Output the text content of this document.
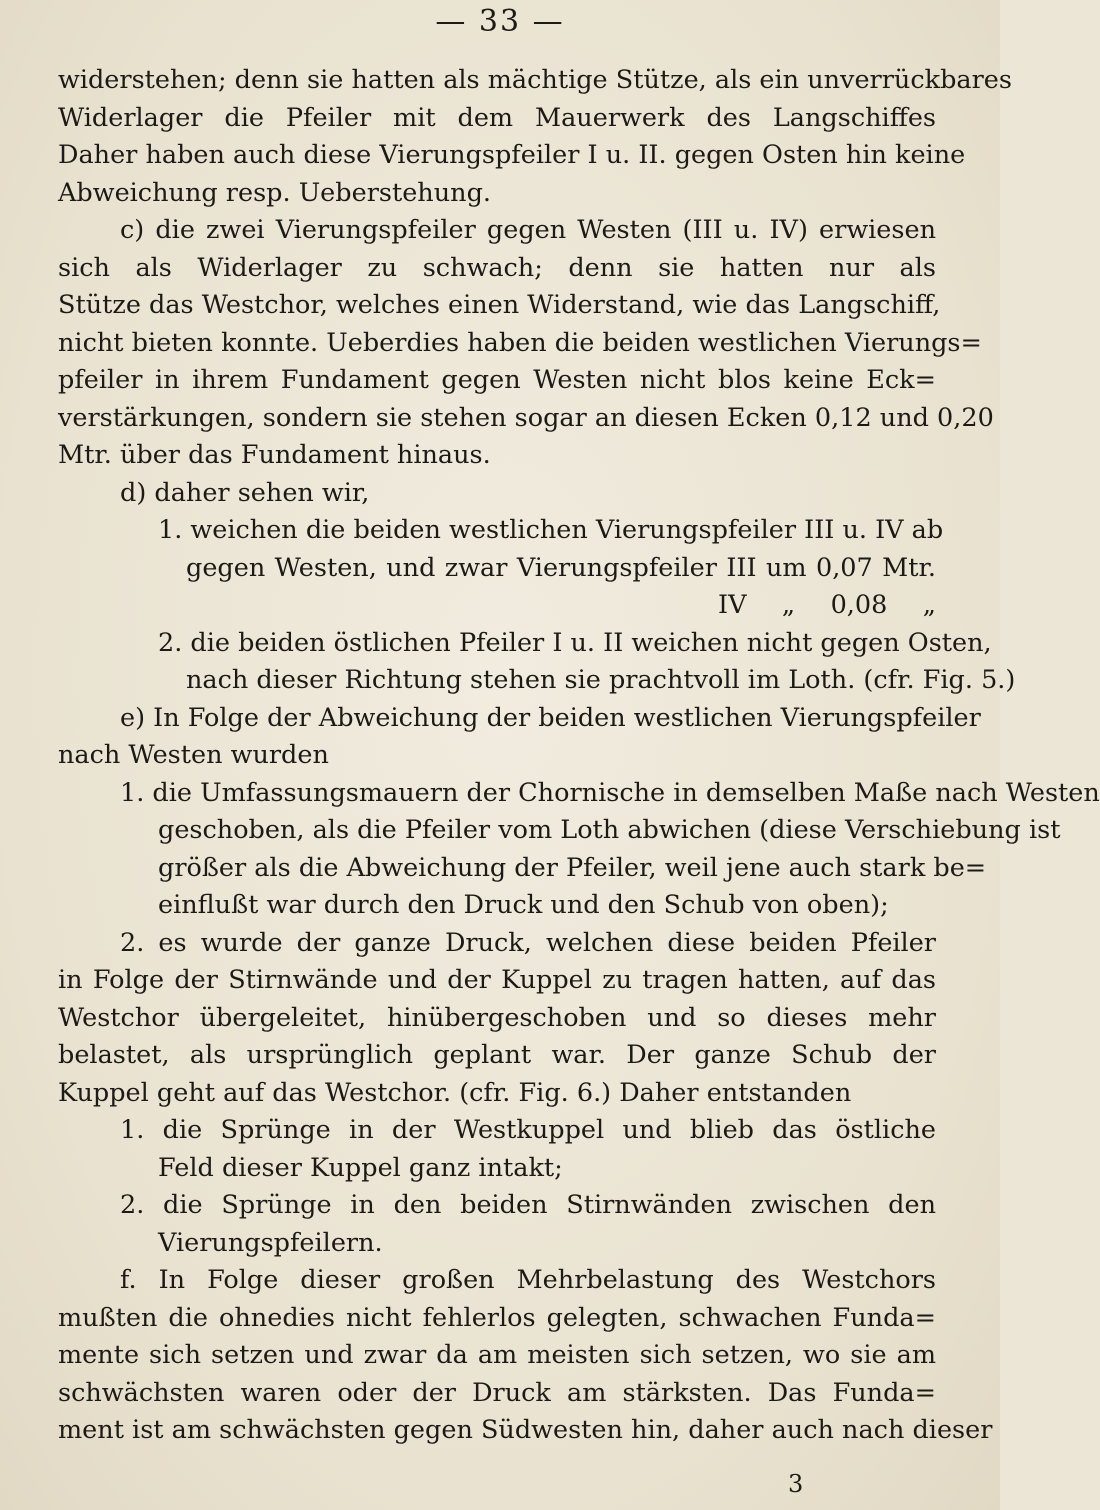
— 33 —
widerstehen; denn sie hatten als mächtige Stütze, als ein unverrückbares
Widerlager die Pfeiler mit dem Mauerwerk des Langschiffes
Daher haben auch diese Vierungspfeiler I u. II. gegen Osten hin keine
Abweichung resp. Ueberstehung.
c) die zwei Vierungspfeiler gegen Westen (III u. IV) erwiesen
sich als Widerlager zu schwach; denn sie hatten nur als
Stütze das Westchor, welches einen Widerstand, wie das Langschiff,
nicht bieten konnte. Ueberdies haben die beiden westlichen Vierungs=
pfeiler in ihrem Fundament gegen Westen nicht blos keine Eck=
verstärkungen, sondern sie stehen sogar an diesen Ecken 0,12 und 0,20
Mtr. über das Fundament hinaus.
d) daher sehen wir,
1. weichen die beiden westlichen Vierungspfeiler III u. IV ab
gegen Westen, und zwar Vierungspfeiler III um 0,07 Mtr.
IV „ 0,08 „
2. die beiden östlichen Pfeiler I u. II weichen nicht gegen Osten,
nach dieser Richtung stehen sie prachtvoll im Loth. (cfr. Fig. 5.)
e) In Folge der Abweichung der beiden westlichen Vierungspfeiler
nach Westen wurden
1. die Umfassungsmauern der Chornische in demselben Maße nach Westen
geschoben, als die Pfeiler vom Loth abwichen (diese Verschiebung ist
größer als die Abweichung der Pfeiler, weil jene auch stark be=
einflußt war durch den Druck und den Schub von oben);
2. es wurde der ganze Druck, welchen diese beiden Pfeiler
in Folge der Stirnwände und der Kuppel zu tragen hatten, auf das
Westchor übergeleitet, hinübergeschoben und so dieses mehr
belastet, als ursprünglich geplant war. Der ganze Schub der
Kuppel geht auf das Westchor. (cfr. Fig. 6.) Daher entstanden
1. die Sprünge in der Westkuppel und blieb das östliche
Feld dieser Kuppel ganz intakt;
2. die Sprünge in den beiden Stirnwänden zwischen den
Vierungspfeilern.
f. In Folge dieser großen Mehrbelastung des Westchors
mußten die ohnedies nicht fehlerlos gelegten, schwachen Funda=
mente sich setzen und zwar da am meisten sich setzen, wo sie am
schwächsten waren oder der Druck am stärksten. Das Funda=
ment ist am schwächsten gegen Südwesten hin, daher auch nach dieser
3
